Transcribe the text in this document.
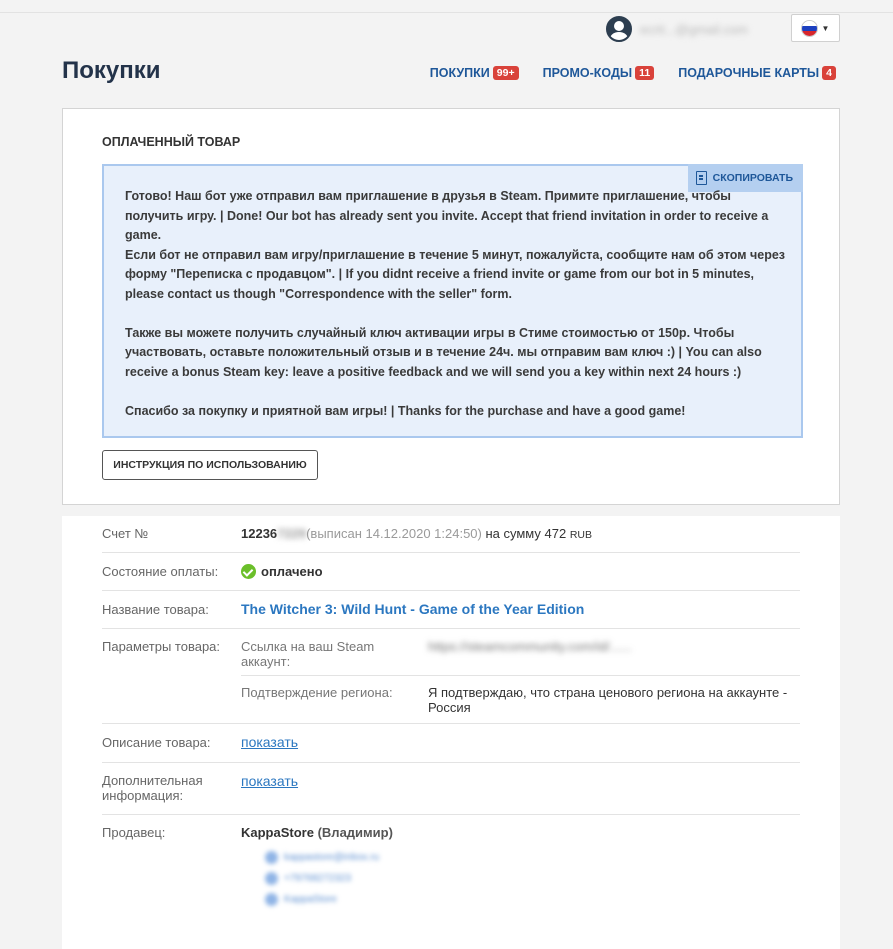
ecrit...@gmail.com	▼
Покупки	ПОКУПКИ 99+	ПРОМО-КОДЫ 11	ПОДАРОЧНЫЕ КАРТЫ 4
ОПЛАЧЕННЫЙ ТОВАР
СКОПИРОВАТЬ
Готово! Наш бот уже отправил вам приглашение в друзья в Steam. Примите приглашение, чтобы получить игру. | Done! Our bot has already sent you invite. Accept that friend invitation in order to receive a game.
Если бот не отправил вам игру/приглашение в течение 5 минут, пожалуйста, сообщите нам об этом через форму "Переписка с продавцом". | If you didnt receive a friend invite or game from our bot in 5 minutes, please contact us though "Correspondence with the seller" form.

Также вы можете получить случайный ключ активации игры в Стиме стоимостью от 150р. Чтобы участвовать, оставьте положительный отзыв и в течение 24ч. мы отправим вам ключ :) | You can also receive a bonus Steam key: leave a positive feedback and we will send you a key within next 24 hours :)

Спасибо за покупку и приятной вам игры! | Thanks for the purchase and have a good game!
ИНСТРУКЦИЯ ПО ИСПОЛЬЗОВАНИЮ
Счет №	122367229(выписан 14.12.2020 1:24:50) на сумму 472 RUB
Состояние оплаты:	оплачено
Название товара: The Witcher 3: Wild Hunt - Game of the Year Edition
Параметры товара: Ссылка на ваш Steam аккаунт:
https://steamcommunity.com/id/......
Подтверждение региона:	Я подтверждаю, что страна ценового региона на аккаунте - Россия
Описание товара: показать
Дополнительная информация:
показать
Продавец:	KappaStore (Владимир)
kappastore@inbox.ru
+79768272323
KappaStore
